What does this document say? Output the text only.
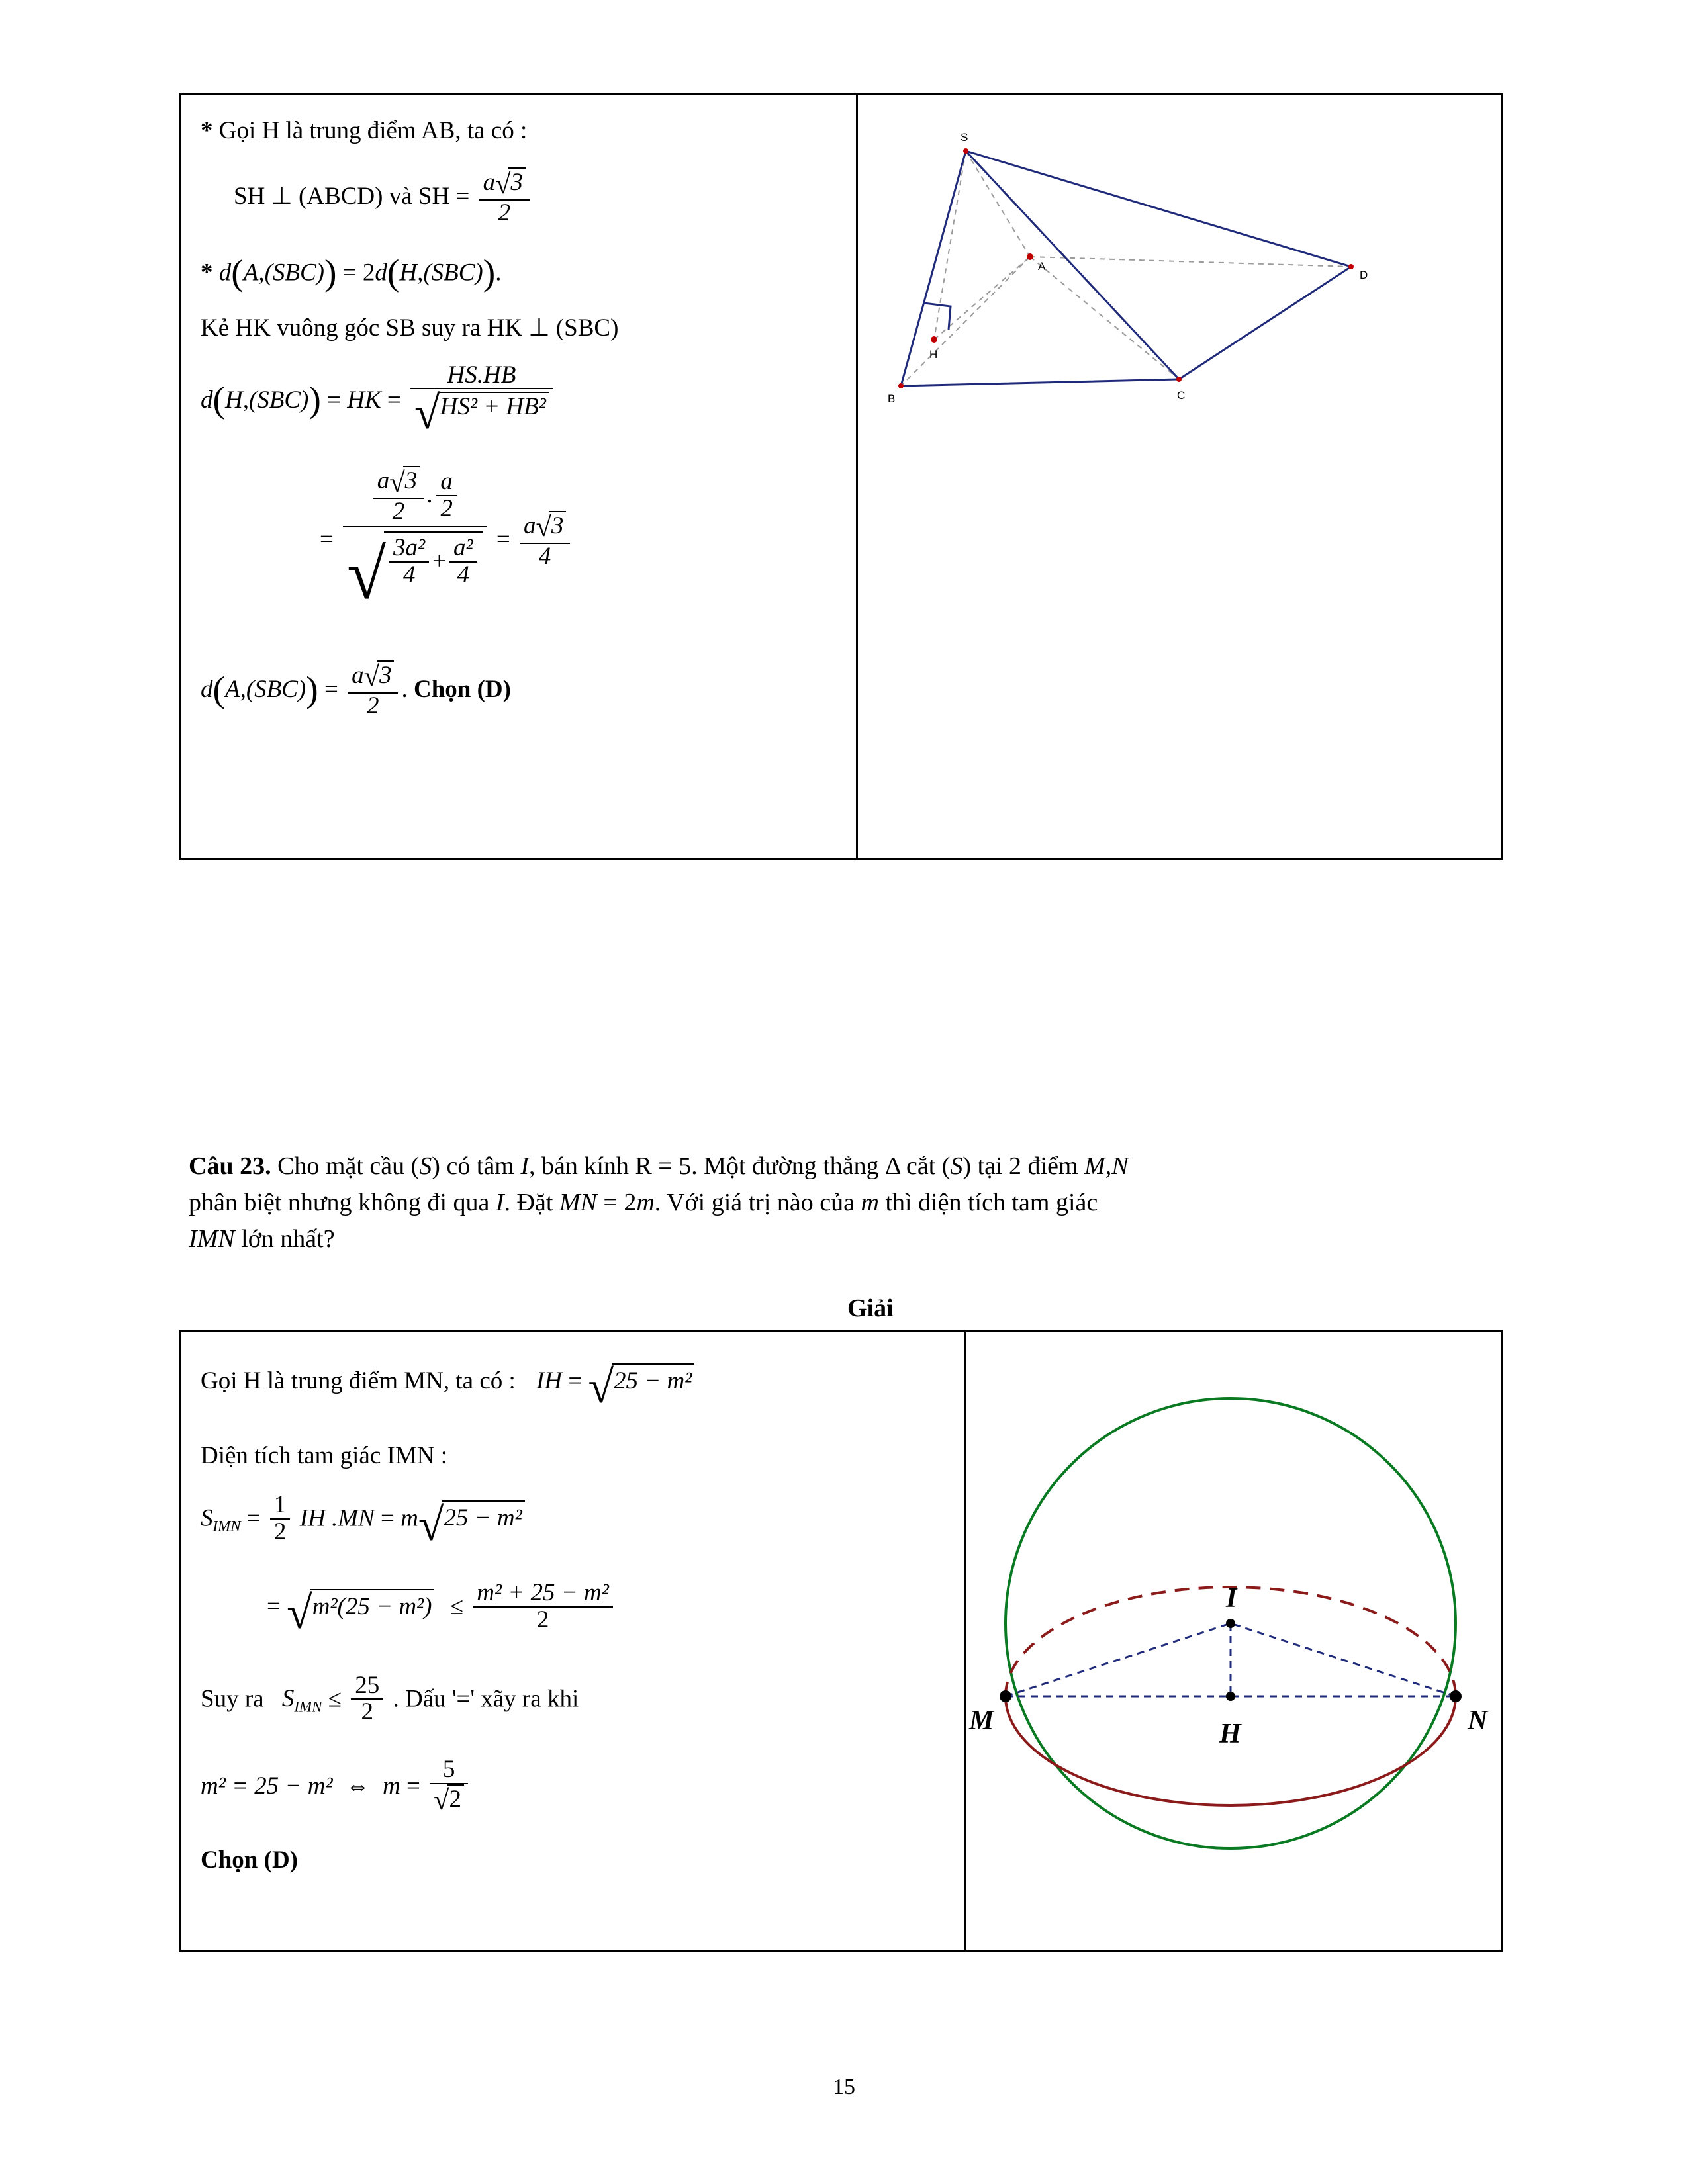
* Gọi H là trung điểm AB, ta có :
SH ⊥ (ABCD) và SH = $\frac{a√3}{2}$
* d(A,(SBC)) = 2d(H,(SBC)).
Kẻ HK vuông góc SB suy ra HK ⊥ (SBC)
d(H,(SBC)) = HK = $\frac{HS.HB}{\text{√HS² + HB²}}$
=
$\frac{a√3}{2}$ . $\frac{a}{2}$
√ $\frac{\text{3a²}}{4} + \frac{\text{a²}}{4} = \frac{a√3}{4}$
$d(A,(SBC)) = \frac{a√3}{2}$ . Chọn (D)
S
A
H
B	C
D
Câu 23. Cho mặt cầu (S) có tâm I, bán kính R = 5. Một đường thẳng Δ cắt (S) tại 2 điểm M,N
phân biệt nhưng không đi qua I. Đặt MN = 2m. Với giá trị nào của m thì diện tích tam giác
IMN lớn nhất?
Giải
Gọi H là trung điểm MN, ta có : IH = √25 − m²
Diện tích tam giác IMN :
$S_{IMN} = \frac{1}{2}$ IH .MN = m√25 − m²
= $√m^2(25 - m^2) \le \frac{\text{m² + 25 − m²}}{2}$
Suy ra $S_{IMN} \le \frac{25}{2}$ . Dấu '=' xãy ra khi
m² = 25 − m² ⇔ $m = \frac{5}{√2}$
Chọn (D)
I
M	N
H
15
